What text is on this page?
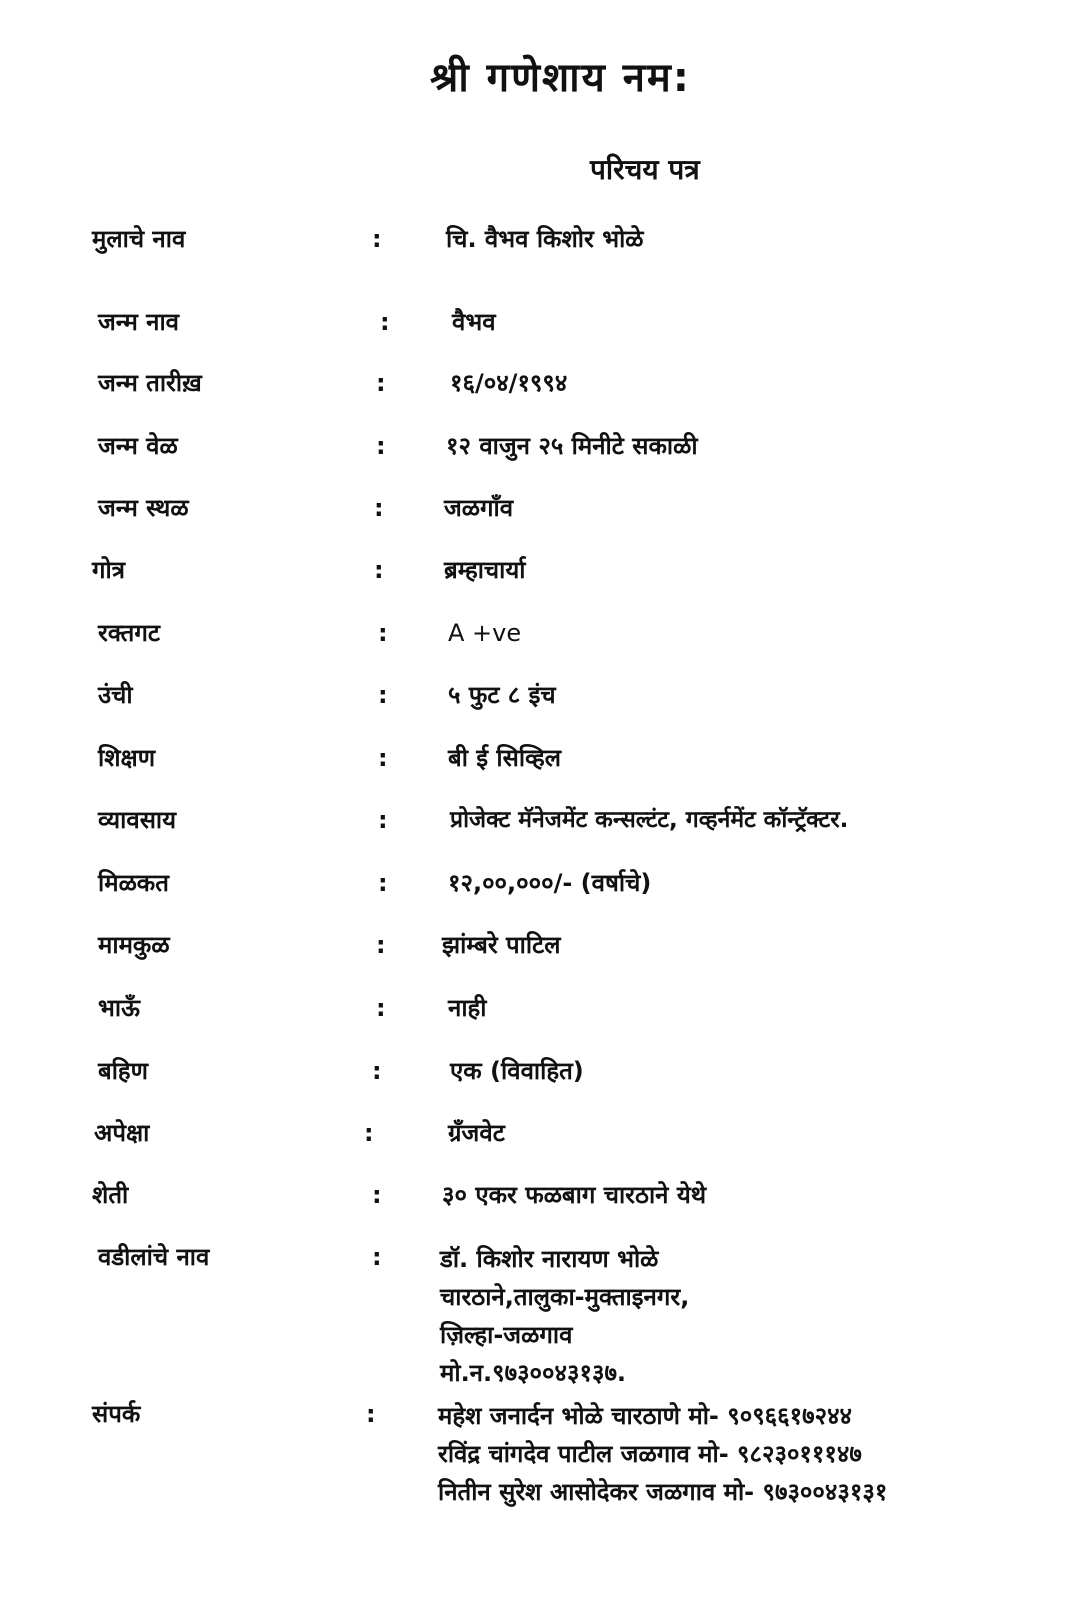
श्री गणेशाय नम:
परिचय पत्र
मुलाचे नाव	:	चि. वैभव किशोर भोळे
जन्म नाव	:	वैभव
जन्म तारीख़	:	१६/०४/१९९४
जन्म वेळ	:	१२ वाजुन २५ मिनीटे सकाळी
जन्म स्थळ	:	जळगाँव
गोत्र	:	ब्रम्हाचार्या
रक्तगट	:	A +ve
उंची	:	५ फुट ८ इंच
शिक्षण	:	बी ई सिव्हिल
व्यावसाय	:	प्रोजेक्ट मॅनेजमेंट कन्सल्टंट, गव्हर्नमेंट कॉन्ट्रॅक्टर.
मिळकत	:	१२,००,०००/- (वर्षाचे)
मामकुळ	: झांम्बरे पाटिल
भाऊँ	:	नाही
बहिण	:	एक (विवाहित)
अपेक्षा	:	ग्रॅंजवेट
शेती	:	३० एकर फळबाग चारठाने येथे
वडीलांचे नाव	: डॉ. किशोर नारायण भोळे
चारठाने,तालुका-मुक्ताइनगर,
ज़िल्हा-जळगाव
मो.न.९७३००४३१३७.
संपर्क	:	महेश जनार्दन भोळे चारठाणे मो- ९०९६६१७२४४
रविंद्र चांगदेव पाटील जळगाव मो- ९८२३०१११४७
नितीन सुरेश आसोदेकर जळगाव मो- ९७३००४३१३१
